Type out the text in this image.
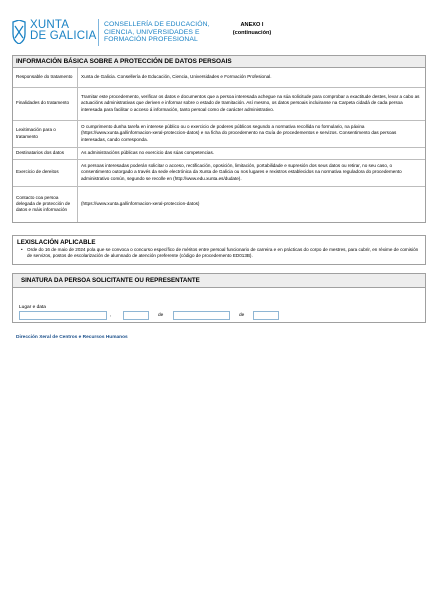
XUNTA
DE GALICIA
CONSELLERÍA DE EDUCACIÓN,
CIENCIA, UNIVERSIDADES E
FORMACIÓN PROFESIONAL
ANEXO I
(continuación)
INFORMACIÓN BÁSICA SOBRE A PROTECCIÓN DE DATOS PERSOAIS
Responsable do tratamento	Xunta de Galicia. Consellería de Educación, Ciencia, Universidades e Formación Profesional.
Finalidades do tratamento	Tramitar este procedemento, verificar os datos e documentos que a persoa interesada achegue na súa solicitude para comprobar a exactitude destes, levar a cabo as actuacións administrativas que deriven e informar sobre o estado de tramitación. Así mesmo, os datos persoais incluiranse na Carpeta cidadá de cada persoa interesada para facilitar o acceso á información, tanto persoal como de carácter administrativo.
Lexitimación para o tratamento	O cumprimento dunha tarefa en interese público ou o exercicio de poderes públicos segundo a normativa recollida no formulario, na páxina (https://www.xunta.gal/informacion-xeral-proteccion-datos) e na ficha do procedemento na Guía de procedementos e servizos. Consentimento das persoas interesadas, cando corresponda.
Destinatarios dos datos	As administracións públicas no exercicio das súas competencias.
Exercicio de dereitos	As persoas interesadas poderán solicitar o acceso, rectificación, oposición, limitación, portabilidade e supresión dos seus datos ou retirar, no seu caso, o consentimento outorgado a través da sede electrónica da Xunta de Galicia ou nos lugares e rexistros establecidos na normativa reguladora do procedemento administrativo común, segundo se recolle en (http://www.edu.xunta.es/dudate).
Contacto coa persoa delegada de protección de datos e máis información	(https://www.xunta.gal/informacion-xeral-proteccion-datos)
LEXISLACIÓN APLICABLE
• Orde do 16 de maio de 2024 pola que se convoca o concurso específico de méritos entre persoal funcionario de carreira e en prácticas do corpo de mestres, para cubrir, en réxime de comisión de servizos, postos de escolarización de alumnado de atención preferente (código de procedemento ED013B).
SINATURA DA PERSOA SOLICITANTE OU REPRESENTANTE
Lugar e data
,	de	de
Dirección Xeral de Centros e Recursos Humanos
